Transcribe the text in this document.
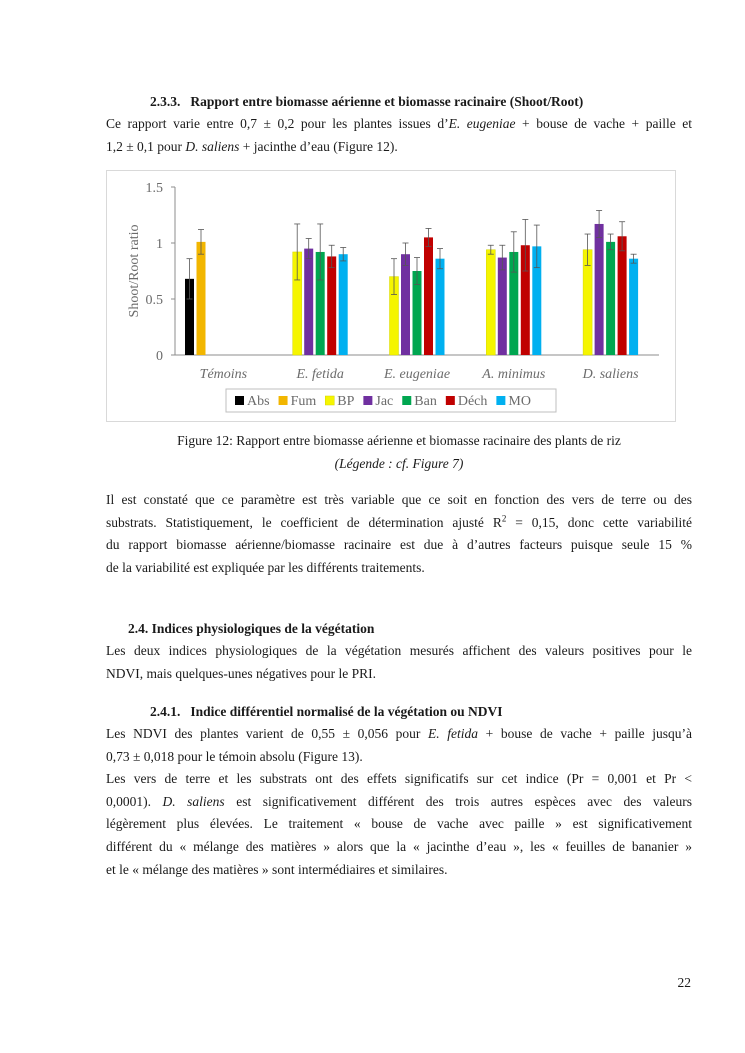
2.3.3. Rapport entre biomasse aérienne et biomasse racinaire (Shoot/Root)
Ce rapport varie entre 0,7 ± 0,2 pour les plantes issues d’E. eugeniae + bouse de vache + paille et
1,2 ± 0,1 pour D. saliens + jacinthe d’eau (Figure 12).
0
0.5
1
1.5
Shoot/Root ratio
Témoins	E. fetida	E. eugeniae A. minimus	D. saliens
Abs Fum BP Jac Ban Déch MO
Figure 12: Rapport entre biomasse aérienne et biomasse racinaire des plants de riz
(Légende : cf. Figure 7)
Il est constaté que ce paramètre est très variable que ce soit en fonction des vers de terre ou des
substrats. Statistiquement, le coefficient de détermination ajusté $R^2 = 0,15$, donc cette variabilité
du rapport biomasse aérienne/biomasse racinaire est due à d’autres facteurs puisque seule 15 %
de la variabilité est expliquée par les différents traitements.
2.4. Indices physiologiques de la végétation
Les deux indices physiologiques de la végétation mesurés affichent des valeurs positives pour le
NDVI, mais quelques-unes négatives pour le PRI.
2.4.1. Indice différentiel normalisé de la végétation ou NDVI
Les NDVI des plantes varient de 0,55 ± 0,056 pour E. fetida + bouse de vache + paille jusqu’à
0,73 ± 0,018 pour le témoin absolu (Figure 13).
Les vers de terre et les substrats ont des effets significatifs sur cet indice (Pr = 0,001 et Pr <
0,0001). D. saliens est significativement différent des trois autres espèces avec des valeurs
légèrement plus élevées. Le traitement « bouse de vache avec paille » est significativement
différent du « mélange des matières » alors que la « jacinthe d’eau », les « feuilles de bananier »
et le « mélange des matières » sont intermédiaires et similaires.
22
